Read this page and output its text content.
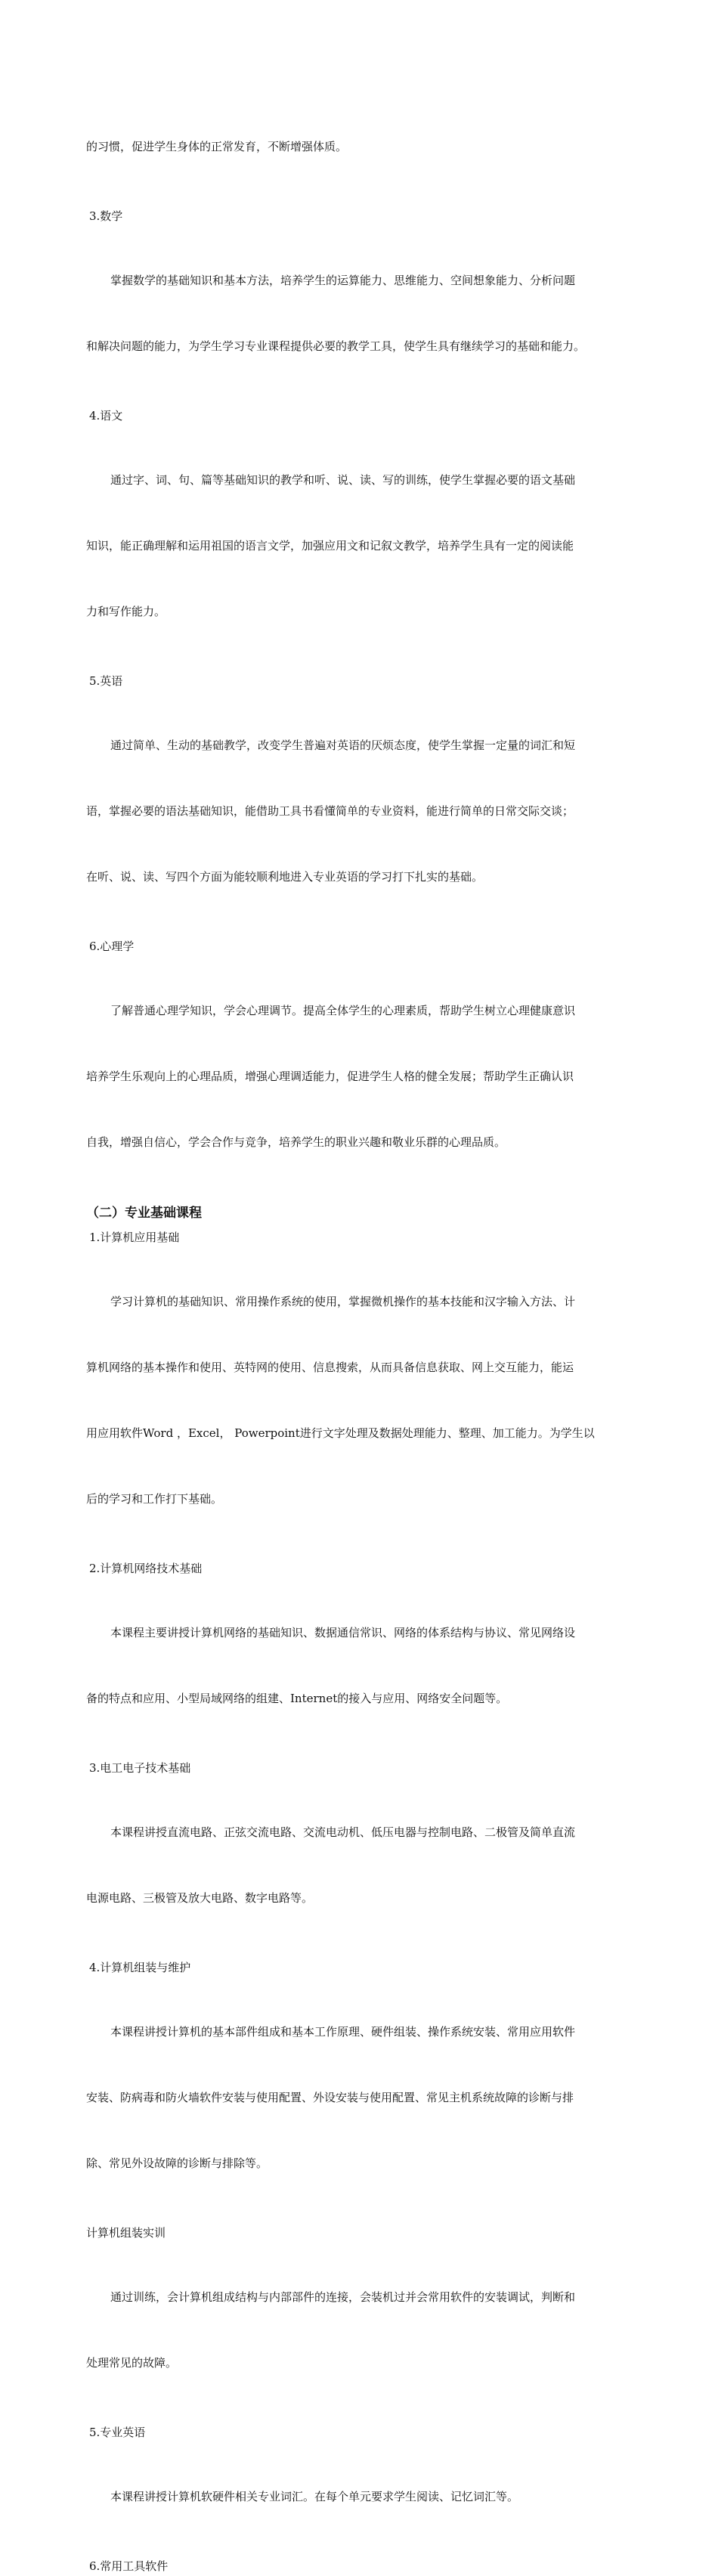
的习惯，促进学生身体的正常发育，不断增强体质。

3.数学

掌握数学的基础知识和基本方法，培养学生的运算能力、思维能力、空间想象能力、分析问题

和解决问题的能力，为学生学习专业课程提供必要的教学工具，使学生具有继续学习的基础和能力。

4.语文

通过字、词、句、篇等基础知识的教学和听、说、读、写的训练，使学生掌握必要的语文基础

知识，能正确理解和运用祖国的语言文学，加强应用文和记叙文教学，培养学生具有一定的阅读能

力和写作能力。

5.英语

通过简单、生动的基础教学，改变学生普遍对英语的厌烦态度，使学生掌握一定量的词汇和短

语，掌握必要的语法基础知识，能借助工具书看懂简单的专业资料，能进行简单的日常交际交谈；

在听、说、读、写四个方面为能较顺利地进入专业英语的学习打下扎实的基础。

6.心理学

了解普通心理学知识，学会心理调节。提高全体学生的心理素质，帮助学生树立心理健康意识

培养学生乐观向上的心理品质，增强心理调适能力，促进学生人格的健全发展；帮助学生正确认识

自我，增强自信心，学会合作与竞争，培养学生的职业兴趣和敬业乐群的心理品质。

（二）专业基础课程

1.计算机应用基础

学习计算机的基础知识、常用操作系统的使用，掌握微机操作的基本技能和汉字输入方法、计

算机网络的基本操作和使用、英特网的使用、信息搜索，从而具备信息获取、网上交互能力，能运

用应用软件Word ，Excel， Powerpoint进行文字处理及数据处理能力、整理、加工能力。为学生以

后的学习和工作打下基础。

2.计算机网络技术基础

本课程主要讲授计算机网络的基础知识、数据通信常识、网络的体系结构与协议、常见网络设

备的特点和应用、小型局域网络的组建、Internet的接入与应用、网络安全问题等。

3.电工电子技术基础

本课程讲授直流电路、正弦交流电路、交流电动机、低压电器与控制电路、二极管及简单直流

电源电路、三极管及放大电路、数字电路等。

4.计算机组装与维护

本课程讲授计算机的基本部件组成和基本工作原理、硬件组装、操作系统安装、常用应用软件

安装、防病毒和防火墙软件安装与使用配置、外设安装与使用配置、常见主机系统故障的诊断与排

除、常见外设故障的诊断与排除等。

计算机组装实训

通过训练，会计算机组成结构与内部部件的连接，会装机过并会常用软件的安装调试，判断和

处理常见的故障。

5.专业英语

本课程讲授计算机软硬件相关专业词汇。在每个单元要求学生阅读、记忆词汇等。

6.常用工具软件
